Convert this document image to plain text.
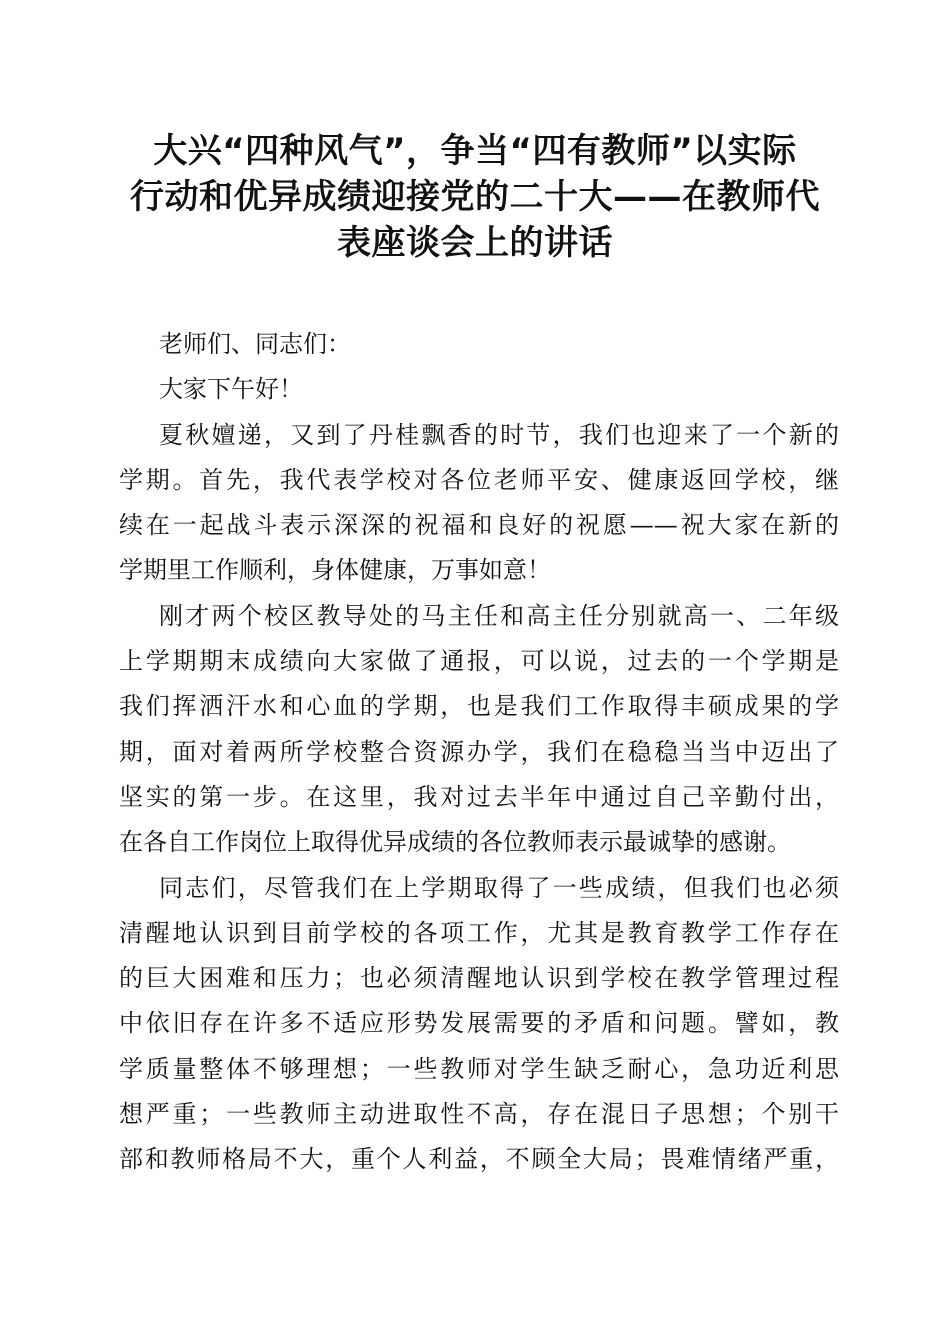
大兴“四种风气”，争当“四有教师”以实际
行动和优异成绩迎接党的二十大——在教师代
表座谈会上的讲话
老师们、同志们：
大家下午好！
夏秋嬗递，又到了丹桂飘香的时节，我们也迎来了一个新的
学期。首先，我代表学校对各位老师平安、健康返回学校，继
续在一起战斗表示深深的祝福和良好的祝愿——祝大家在新的
学期里工作顺利，身体健康，万事如意！
刚才两个校区教导处的马主任和高主任分别就高一、二年级
上学期期末成绩向大家做了通报，可以说，过去的一个学期是
我们挥洒汗水和心血的学期，也是我们工作取得丰硕成果的学
期，面对着两所学校整合资源办学，我们在稳稳当当中迈出了
坚实的第一步。在这里，我对过去半年中通过自己辛勤付出，
在各自工作岗位上取得优异成绩的各位教师表示最诚挚的感谢。
同志们，尽管我们在上学期取得了一些成绩，但我们也必须
清醒地认识到目前学校的各项工作，尤其是教育教学工作存在
的巨大困难和压力；也必须清醒地认识到学校在教学管理过程
中依旧存在许多不适应形势发展需要的矛盾和问题。譬如，教
学质量整体不够理想；一些教师对学生缺乏耐心，急功近利思
想严重；一些教师主动进取性不高，存在混日子思想；个别干
部和教师格局不大，重个人利益，不顾全大局；畏难情绪严重，
